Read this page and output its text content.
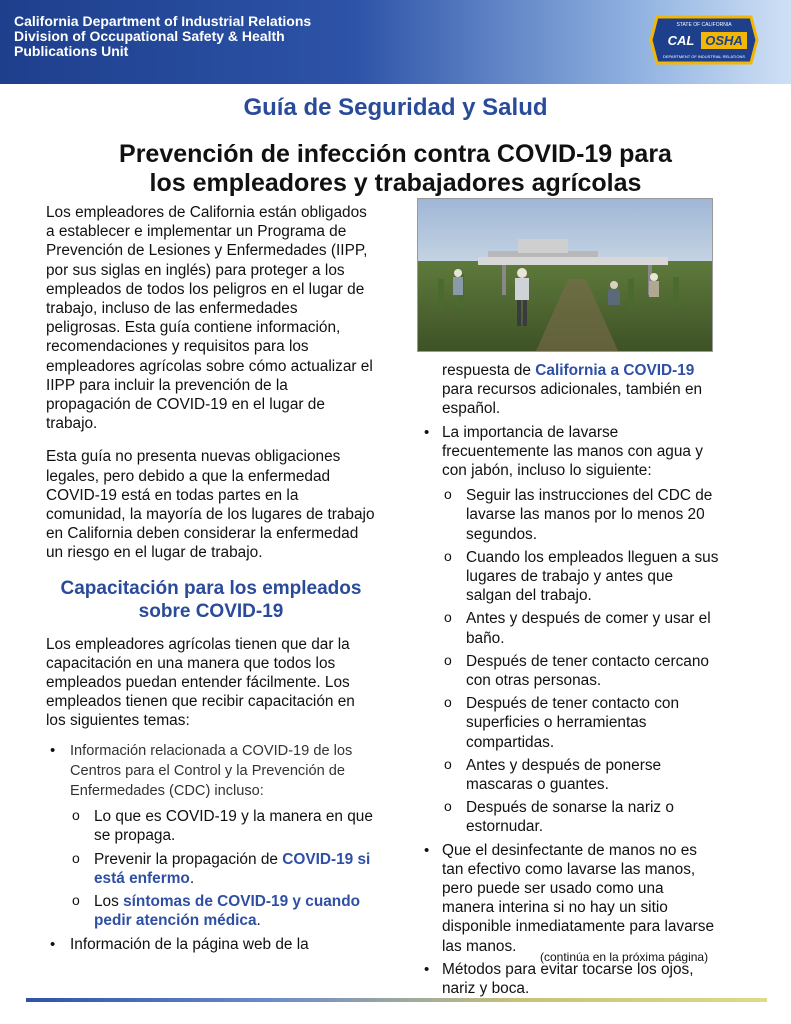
California Department of Industrial Relations
Division of Occupational Safety & Health
Publications Unit
STATE OF CALIFORNIA
CAL OSHA
DEPARTMENT OF INDUSTRIAL RELATIONS
Guía de Seguridad y Salud
Prevención de infección contra COVID-19 para
los empleadores y trabajadores agrícolas

Los empleadores de California están obligados a establecer e implementar un Programa de Prevención de Lesiones y Enfermedades (IIPP, por sus siglas en inglés) para proteger a los empleados de todos los peligros en el lugar de trabajo, incluso de las enfermedades peligrosas. Esta guía contiene información, recomendaciones y requisitos para los empleadores agrícolas sobre cómo actualizar el IIPP para incluir la prevención de la propagación de COVID-19 en el lugar de trabajo.

Esta guía no presenta nuevas obligaciones legales, pero debido a que la enfermedad COVID-19 está en todas partes en la comunidad, la mayoría de los lugares de trabajo en California deben considerar la enfermedad un riesgo en el lugar de trabajo.

Capacitación para los empleados sobre COVID-19

Los empleadores agrícolas tienen que dar la capacitación en una manera que todos los empleados puedan entender fácilmente. Los empleados tienen que recibir capacitación en los siguientes temas:

• Información relacionada a COVID-19 de los Centros para el Control y la Prevención de Enfermedades (CDC) incluso:
o Lo que es COVID-19 y la manera en que se propaga.
o Prevenir la propagación de COVID-19 si está enfermo.
o Los síntomas de COVID-19 y cuando pedir atención médica.
• Información de la página web de la
respuesta de California a COVID-19 para recursos adicionales, también en español.
• La importancia de lavarse frecuentemente las manos con agua y con jabón, incluso lo siguiente:
o Seguir las instrucciones del CDC de lavarse las manos por lo menos 20 segundos.
o Cuando los empleados lleguen a sus lugares de trabajo y antes que salgan del trabajo.
o Antes y después de comer y usar el baño.
o Después de tener contacto cercano con otras personas.
o Después de tener contacto con superficies o herramientas compartidas.
o Antes y después de ponerse mascaras o guantes.
o Después de sonarse la nariz o estornudar.
• Que el desinfectante de manos no es tan efectivo como lavarse las manos, pero puede ser usado como una manera interina si no hay un sitio disponible inmediatamente para lavarse las manos.
• Métodos para evitar tocarse los ojos, nariz y boca.
(continúa en la próxima página)
